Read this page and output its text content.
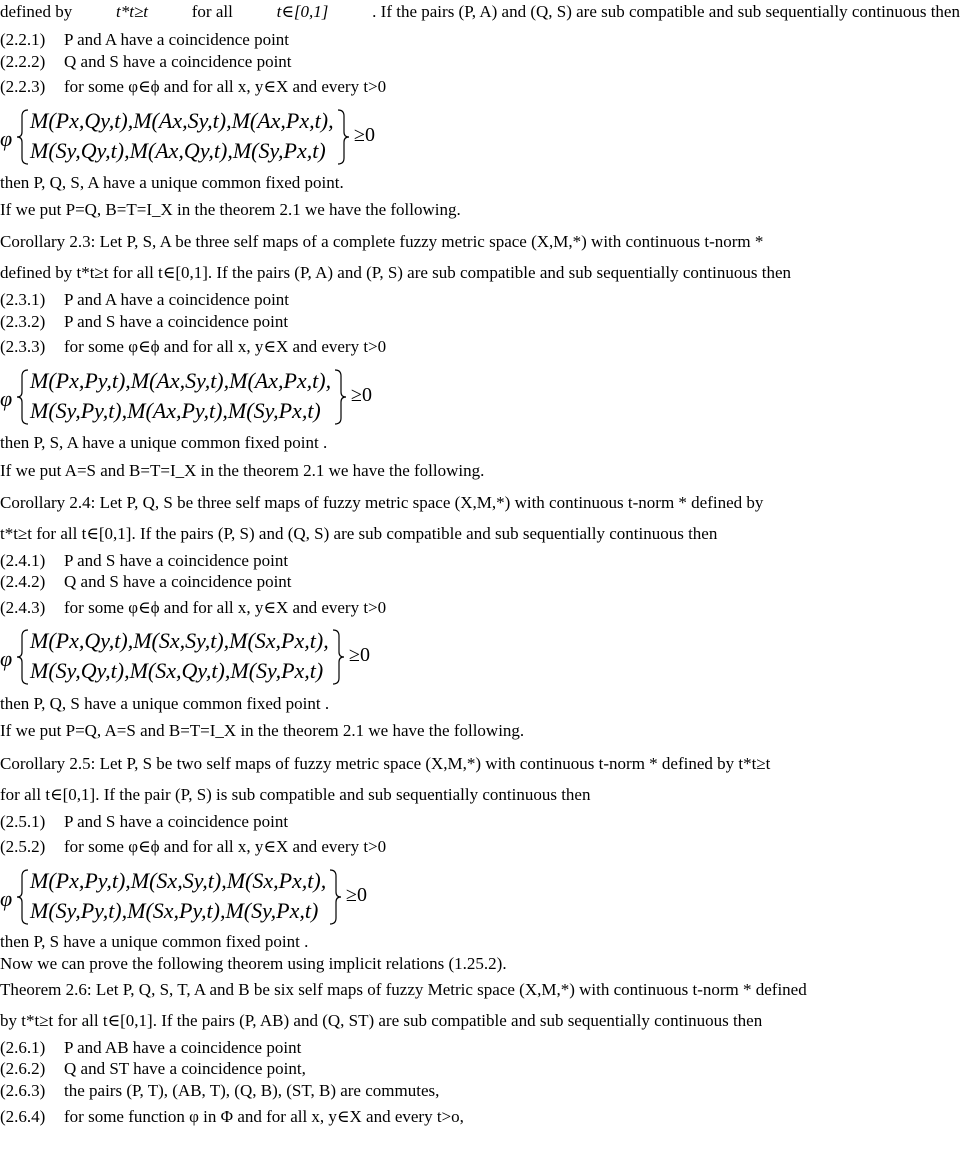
defined by	t*t≥t	for all	t∈[0,1]	. If the pairs (P, A) and (Q, S) are sub compatible and sub sequentially continuous then
(2.2.1) P and A have a coincidence point
(2.2.2) Q and S have a coincidence point
(2.2.3) for some φ∈ϕ and for all x, y∈X and every t>0
then P, Q, S, A have a unique common fixed point.
If we put P=Q, B=T=I_X in the theorem 2.1 we have the following.
Corollary 2.3: Let P, S, A be three self maps of a complete fuzzy metric space (X,M,*) with continuous t-norm *
defined by t*t≥t for all t∈[0,1]. If the pairs (P, A) and (P, S) are sub compatible and sub sequentially continuous then
(2.3.1) P and A have a coincidence point
(2.3.2) P and S have a coincidence point
(2.3.3) for some φ∈ϕ and for all x, y∈X and every t>0
then P, S, A have a unique common fixed point .
If we put A=S and B=T=I_X in the theorem 2.1 we have the following.
Corollary 2.4: Let P, Q, S be three self maps of fuzzy metric space (X,M,*) with continuous t-norm * defined by
t*t≥t for all t∈[0,1]. If the pairs (P, S) and (Q, S) are sub compatible and sub sequentially continuous then
(2.4.1) P and S have a coincidence point
(2.4.2) Q and S have a coincidence point
(2.4.3) for some φ∈ϕ and for all x, y∈X and every t>0
then P, Q, S have a unique common fixed point .
If we put P=Q, A=S and B=T=I_X in the theorem 2.1 we have the following.
Corollary 2.5: Let P, S be two self maps of fuzzy metric space (X,M,*) with continuous t-norm * defined by t*t≥t
for all t∈[0,1]. If the pair (P, S) is sub compatible and sub sequentially continuous then
(2.5.1) P and S have a coincidence point
(2.5.2) for some φ∈ϕ and for all x, y∈X and every t>0
then P, S have a unique common fixed point .
Now we can prove the following theorem using implicit relations (1.25.2).
Theorem 2.6: Let P, Q, S, T, A and B be six self maps of fuzzy Metric space (X,M,*) with continuous t-norm * defined
by t*t≥t for all t∈[0,1]. If the pairs (P, AB) and (Q, ST) are sub compatible and sub sequentially continuous then
(2.6.1) P and AB have a coincidence point
(2.6.2) Q and ST have a coincidence point,
(2.6.3) the pairs (P, T), (AB, T), (Q, B), (ST, B) are commutes,
(2.6.4) for some function φ in Φ and for all x, y∈X and every t>o,
φ
M(Px,Qy,t),M(Ax,Sy,t),M(Ax,Px,t),
M(Sy,Qy,t),M(Ax,Qy,t),M(Sy,Px,t)
≥0
φ
M(Px,Py,t),M(Ax,Sy,t),M(Ax,Px,t),
M(Sy,Py,t),M(Ax,Py,t),M(Sy,Px,t)
≥0
φ
M(Px,Qy,t),M(Sx,Sy,t),M(Sx,Px,t),
M(Sy,Qy,t),M(Sx,Qy,t),M(Sy,Px,t)
≥0
φ
M(Px,Py,t),M(Sx,Sy,t),M(Sx,Px,t),
M(Sy,Py,t),M(Sx,Py,t),M(Sy,Px,t)
≥0
